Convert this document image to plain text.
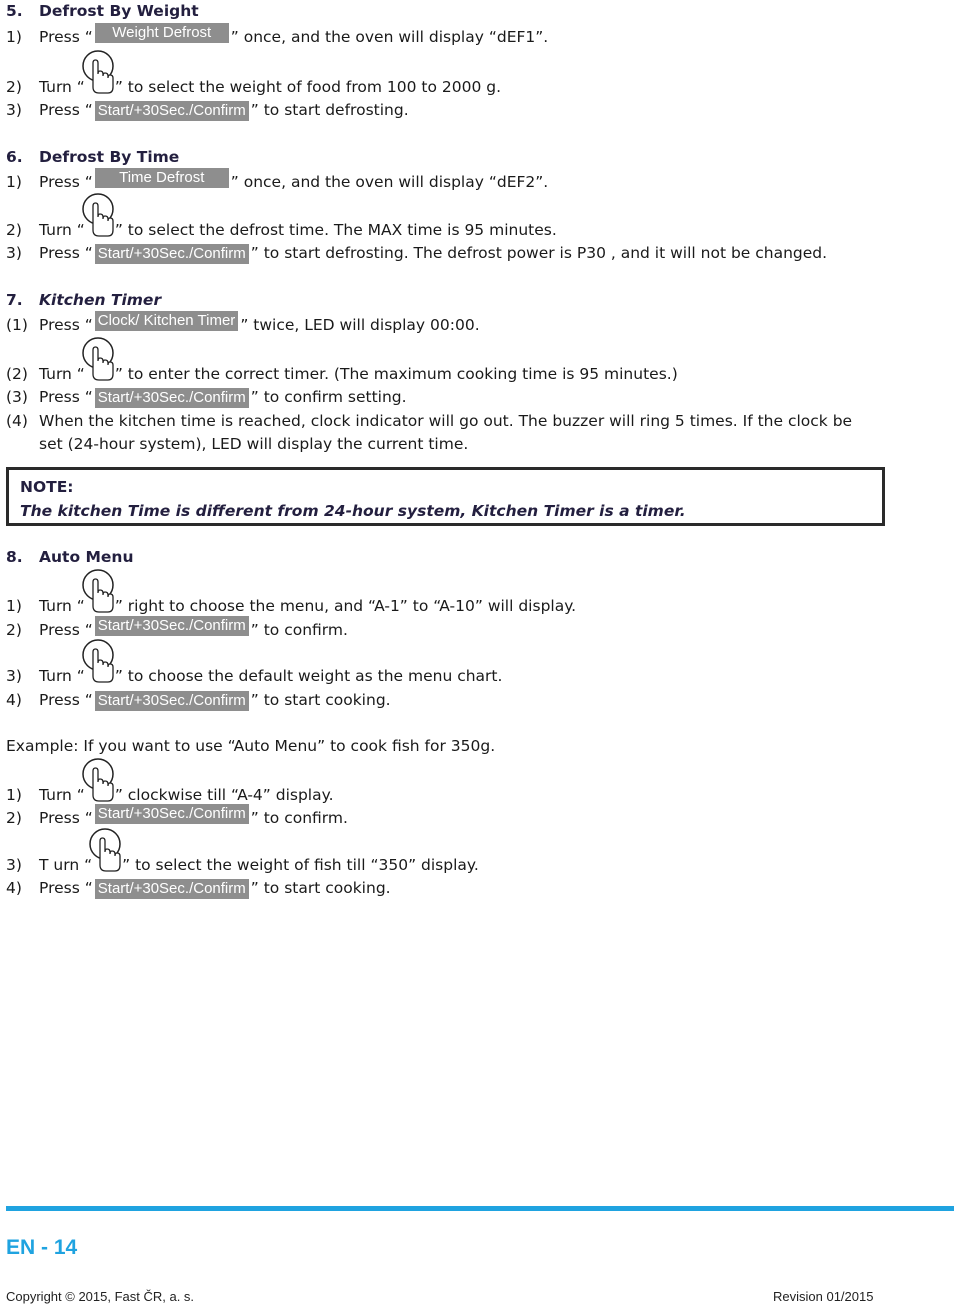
5. Defrost By Weight
1) Press “	Weight Defrost	” once, and the oven will display “dEF1”.
2) Turn “ ” to select the weight of food from 100 to 2000 g.
3) Press “ Start/+30Sec./Confirm ” to start defrosting.
6. Defrost By Time
1) Press “	Time Defrost	” once, and the oven will display “dEF2”.
2) Turn “ ” to select the defrost time. The MAX time is 95 minutes.
3) Press “ Start/+30Sec./Confirm ” to start defrosting. The defrost power is P30 , and it will not be changed.
7. Kitchen Timer
(1) Press “ Clock/ Kitchen Timer ” twice, LED will display 00:00.
(2) Turn “ ” to enter the correct timer. (The maximum cooking time is 95 minutes.)
(3) Press “ Start/+30Sec./Confirm ” to confirm setting.
(4) When the kitchen time is reached, clock indicator will go out. The buzzer will ring 5 times. If the clock be
set (24-hour system), LED will display the current time.
NOTE:
The kitchen Time is different from 24-hour system, Kitchen Timer is a timer.
8. Auto Menu
1) Turn “ ” right to choose the menu, and “A-1” to “A-10” will display.
2) Press “ Start/+30Sec./Confirm ” to confirm.
3) Turn “ ” to choose the default weight as the menu chart.
4) Press “ Start/+30Sec./Confirm ” to start cooking.
Example: If you want to use “Auto Menu” to cook fish for 350g.
1) Turn “ ” clockwise till “A-4” display.
2) Press “ Start/+30Sec./Confirm ” to confirm.
3) T urn “ ” to select the weight of fish till “350” display.
4) Press “ Start/+30Sec./Confirm ” to start cooking.
EN - 14
Copyright © 2015, Fast ČR, a. s.	Revision 01/2015
